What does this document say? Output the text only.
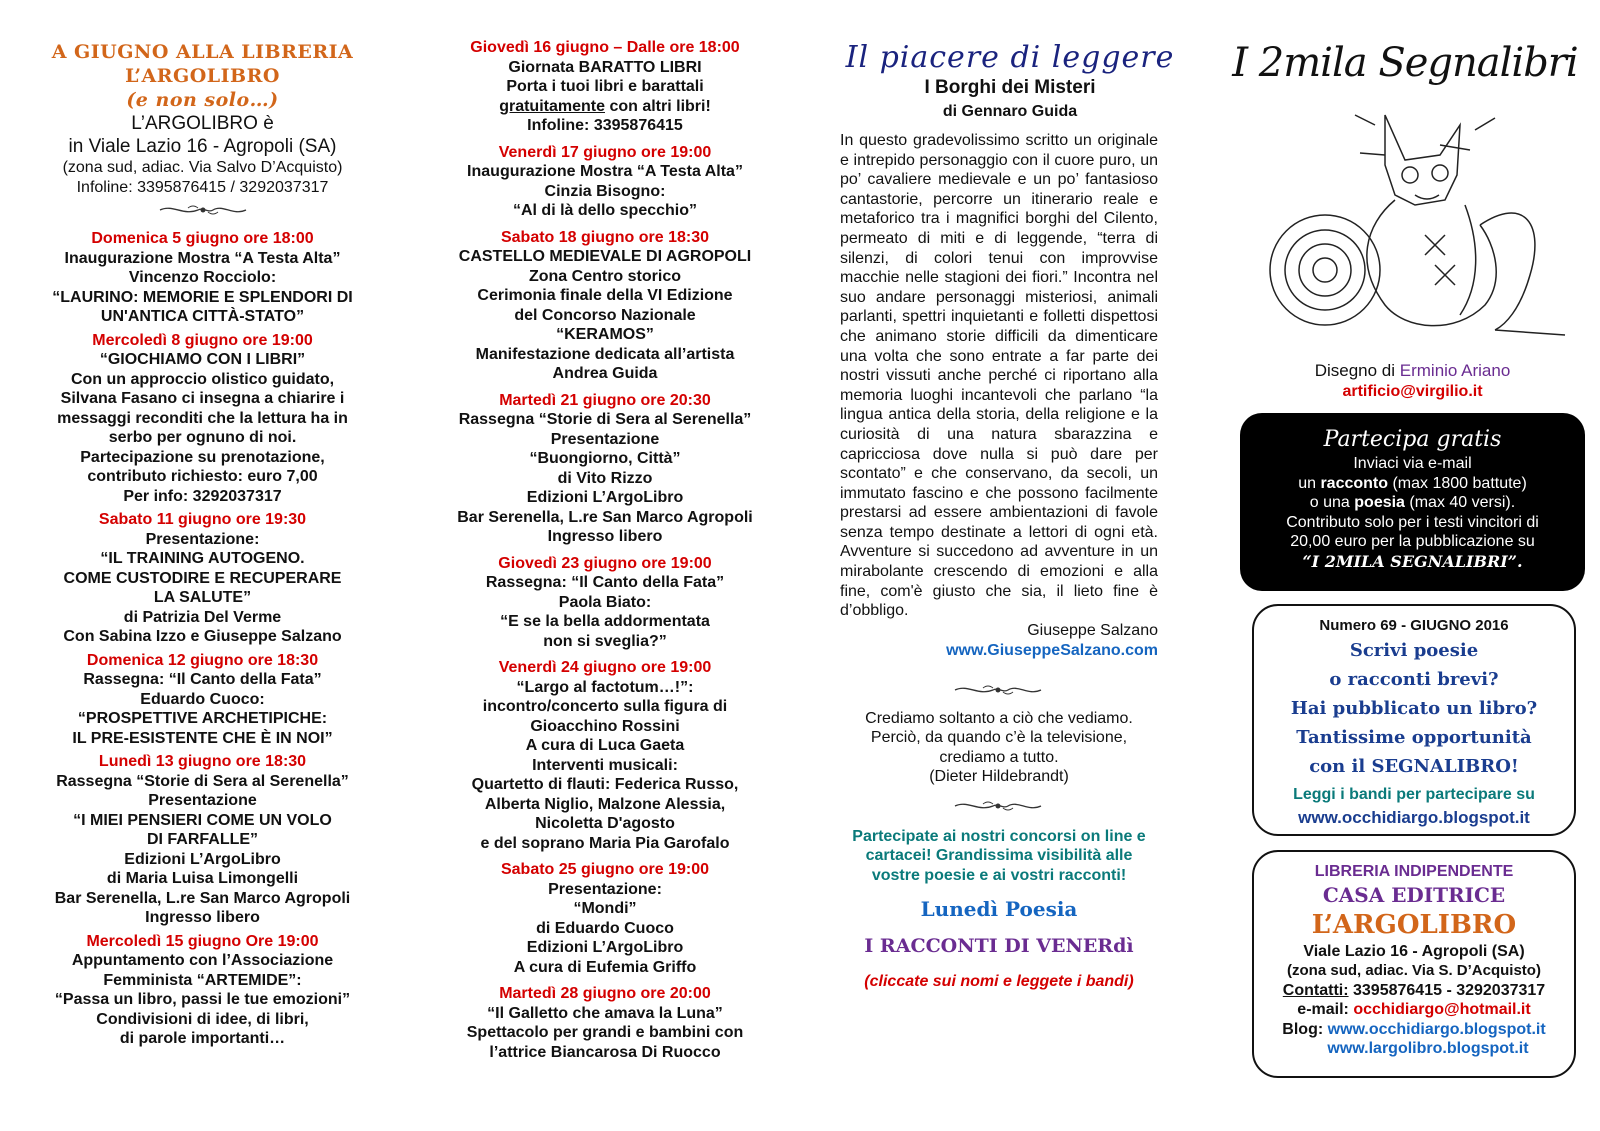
A GIUGNO ALLA LIBRERIA
L’ARGOLIBRO
(e non solo…)
L’ARGOLIBRO è
in Viale Lazio 16 - Agropoli (SA)
(zona sud, adiac. Via Salvo D’Acquisto)
Infoline: 3395876415 / 3292037317
Domenica 5 giugno ore 18:00
Inaugurazione Mostra “A Testa Alta”
Vincenzo Rocciolo:
“LAURINO: MEMORIE E SPLENDORI DI
UN'ANTICA CITTÀ-STATO”
Mercoledì 8 giugno ore 19:00
“GIOCHIAMO CON I LIBRI”
Con un approccio olistico guidato,
Silvana Fasano ci insegna a chiarire i
messaggi reconditi che la lettura ha in
serbo per ognuno di noi.
Partecipazione su prenotazione,
contributo richiesto: euro 7,00
Per info: 3292037317
Sabato 11 giugno ore 19:30
Presentazione:
“IL TRAINING AUTOGENO.
COME CUSTODIRE E RECUPERARE
LA SALUTE”
di Patrizia Del Verme
Con Sabina Izzo e Giuseppe Salzano
Domenica 12 giugno ore 18:30
Rassegna: “Il Canto della Fata”
Eduardo Cuoco:
“PROSPETTIVE ARCHETIPICHE:
IL PRE-ESISTENTE CHE È IN NOI”
Lunedì 13 giugno ore 18:30
Rassegna “Storie di Sera al Serenella”
Presentazione
“I MIEI PENSIERI COME UN VOLO
DI FARFALLE”
Edizioni L’ArgoLibro
di Maria Luisa Limongelli
Bar Serenella, L.re San Marco Agropoli
Ingresso libero
Mercoledì 15 giugno Ore 19:00
Appuntamento con l’Associazione
Femminista “ARTEMIDE”:
“Passa un libro, passi le tue emozioni”
Condivisioni di idee, di libri,
di parole importanti…
Giovedì 16 giugno – Dalle ore 18:00
Giornata BARATTO LIBRI
Porta i tuoi libri e barattali
gratuitamente con altri libri!
Infoline: 3395876415
Venerdì 17 giugno ore 19:00
Inaugurazione Mostra “A Testa Alta”
Cinzia Bisogno:
“Al di là dello specchio”
Sabato 18 giugno ore 18:30
CASTELLO MEDIEVALE DI AGROPOLI
Zona Centro storico
Cerimonia finale della VI Edizione
del Concorso Nazionale
“KERAMOS”
Manifestazione dedicata all’artista
Andrea Guida
Martedì 21 giugno ore 20:30
Rassegna “Storie di Sera al Serenella”
Presentazione
“Buongiorno, Città”
di Vito Rizzo
Edizioni L’ArgoLibro
Bar Serenella, L.re San Marco Agropoli
Ingresso libero
Giovedì 23 giugno ore 19:00
Rassegna: “Il Canto della Fata”
Paola Biato:
“E se la bella addormentata
non si sveglia?”
Venerdì 24 giugno ore 19:00
“Largo al factotum…!”:
incontro/concerto sulla figura di
Gioacchino Rossini
A cura di Luca Gaeta
Interventi musicali:
Quartetto di flauti: Federica Russo,
Alberta Niglio, Malzone Alessia,
Nicoletta D'agosto
e del soprano Maria Pia Garofalo
Sabato 25 giugno ore 19:00
Presentazione:
“Mondi”
di Eduardo Cuoco
Edizioni L’ArgoLibro
A cura di Eufemia Griffo
Martedì 28 giugno ore 20:00
“Il Galletto che amava la Luna”
Spettacolo per grandi e bambini con
l’attrice Biancarosa Di Ruocco
Il piacere di leggere
I Borghi dei Misteri
di Gennaro Guida
In questo gradevolissimo scritto un originale e intrepido personaggio con il cuore puro, un po’ cavaliere medievale e un po’ fantasioso cantastorie, percorre un itinerario reale e metaforico tra i magnifici borghi del Cilento, permeato di miti e di leggende, “terra di silenzi, di colori tenui con improvvise macchie nelle stagioni dei fiori.” Incontra nel suo andare personaggi misteriosi, animali parlanti, spettri inquietanti e folletti dispettosi che animano storie difficili da dimenticare una volta che sono entrate a far parte dei nostri vissuti anche perché ci riportano alla memoria luoghi incantevoli che parlano “la lingua antica della storia, della religione e la curiosità di una natura sbarazzina e capricciosa dove nulla si può dare per scontato” e che conservano, da secoli, un immutato fascino e che possono facilmente prestarsi ad essere ambientazioni di favole senza tempo destinate a lettori di ogni età. Avventure si succedono ad avventure in un mirabolante crescendo di emozioni e alla fine, com'è giusto che sia, il lieto fine è d’obbligo.
Giuseppe Salzano
www.GiuseppeSalzano.com
Crediamo soltanto a ciò che vediamo.
Perciò, da quando c’è la televisione,
crediamo a tutto.
(Dieter Hildebrandt)
Partecipate ai nostri concorsi on line e
cartacei! Grandissima visibilità alle
vostre poesie e ai vostri racconti!
Lunedì Poesia
I RACCONTI DI VENERdì
(cliccate sui nomi e leggete i bandi)
I 2mila Segnalibri
Disegno di Erminio Ariano
artificio@virgilio.it
Partecipa gratis
Inviaci via e-mail
un racconto (max 1800 battute)
o una poesia (max 40 versi).
Contributo solo per i testi vincitori di
20,00 euro per la pubblicazione su
“I 2MILA SEGNALIBRI”.
Numero 69 - GIUGNO 2016
Scrivi poesie
o racconti brevi?
Hai pubblicato un libro?
Tantissime opportunità
con il SEGNALIBRO!
Leggi i bandi per partecipare su
www.occhidiargo.blogspot.it
LIBRERIA INDIPENDENTE
CASA EDITRICE
L’ARGOLIBRO
Viale Lazio 16 - Agropoli (SA)
(zona sud, adiac. Via S. D’Acquisto)
Contatti: 3395876415 - 3292037317
e-mail: occhidiargo@hotmail.it
Blog: www.occhidiargo.blogspot.it
www.largolibro.blogspot.it
